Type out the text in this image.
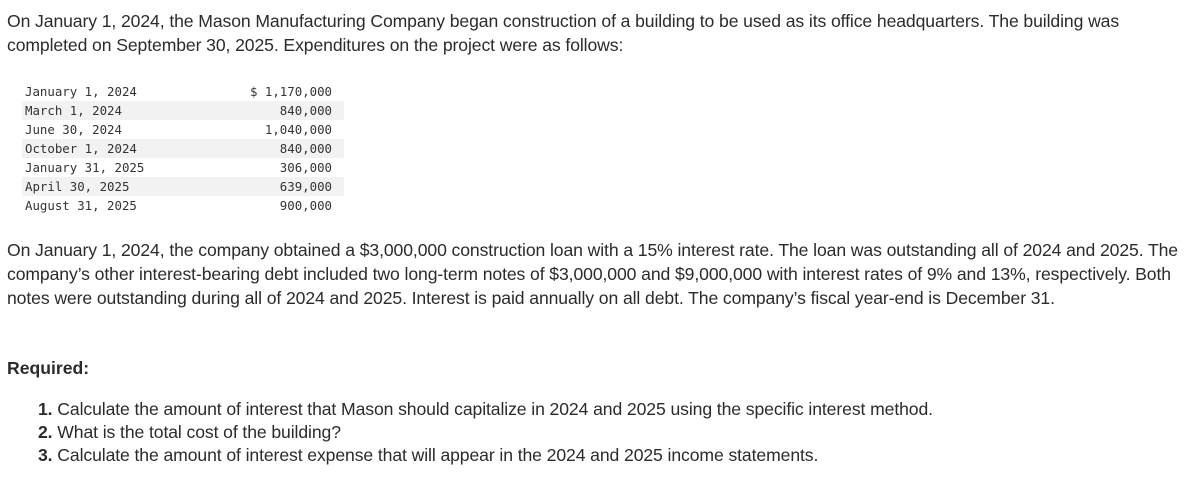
On January 1, 2024, the Mason Manufacturing Company began construction of a building to be used as its office headquarters. The building was completed on September 30, 2025. Expenditures on the project were as follows:

January 1, 2024	$ 1,170,000
March 1, 2024	840,000
June 30, 2024	1,040,000
October 1, 2024	840,000
January 31, 2025	306,000
April 30, 2025	639,000
August 31, 2025	900,000

On January 1, 2024, the company obtained a $3,000,000 construction loan with a 15% interest rate. The loan was outstanding all of 2024 and 2025. The company’s other interest-bearing debt included two long-term notes of $3,000,000 and $9,000,000 with interest rates of 9% and 13%, respectively. Both notes were outstanding during all of 2024 and 2025. Interest is paid annually on all debt. The company’s fiscal year-end is December 31.

Required:
1. Calculate the amount of interest that Mason should capitalize in 2024 and 2025 using the specific interest method.
2. What is the total cost of the building?
3. Calculate the amount of interest expense that will appear in the 2024 and 2025 income statements.
